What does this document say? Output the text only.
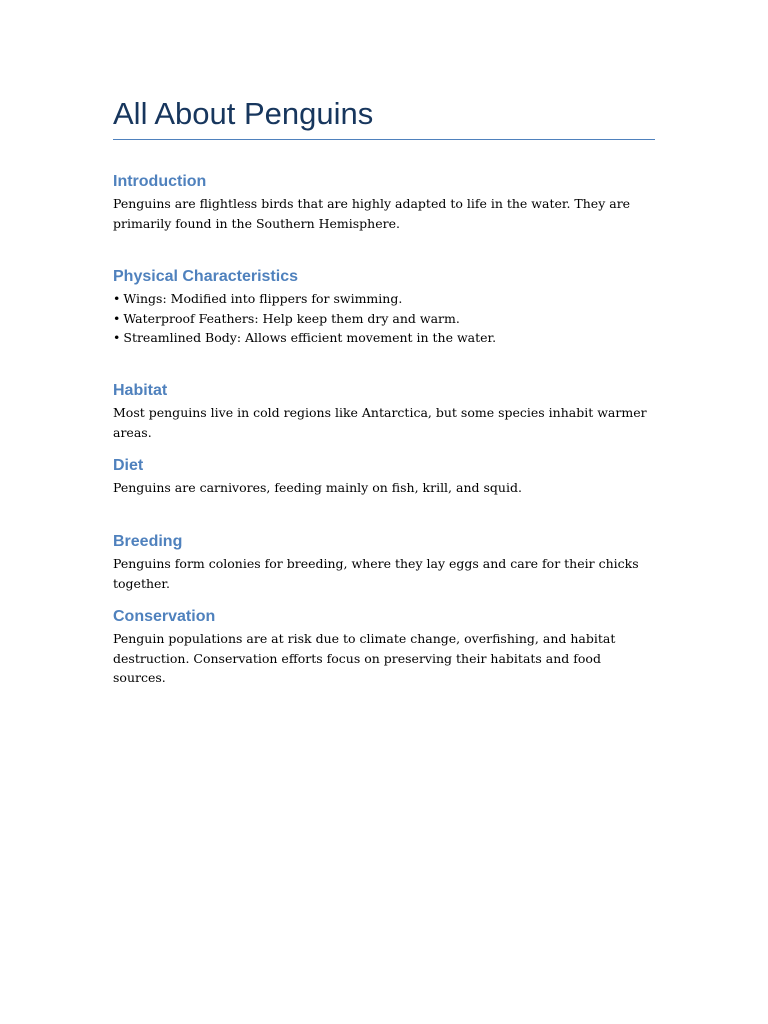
All About Penguins
Introduction

Penguins are flightless birds that are highly adapted to life in the water. They are primarily found in the Southern Hemisphere.

Physical Characteristics
• Wings: Modified into flippers for swimming.
• Waterproof Feathers: Help keep them dry and warm.
• Streamlined Body: Allows efficient movement in the water.
Habitat

Most penguins live in cold regions like Antarctica, but some species inhabit warmer areas.

Diet

Penguins are carnivores, feeding mainly on fish, krill, and squid.

Breeding

Penguins form colonies for breeding, where they lay eggs and care for their chicks together.

Conservation

Penguin populations are at risk due to climate change, overfishing, and habitat destruction. Conservation efforts focus on preserving their habitats and food sources.
